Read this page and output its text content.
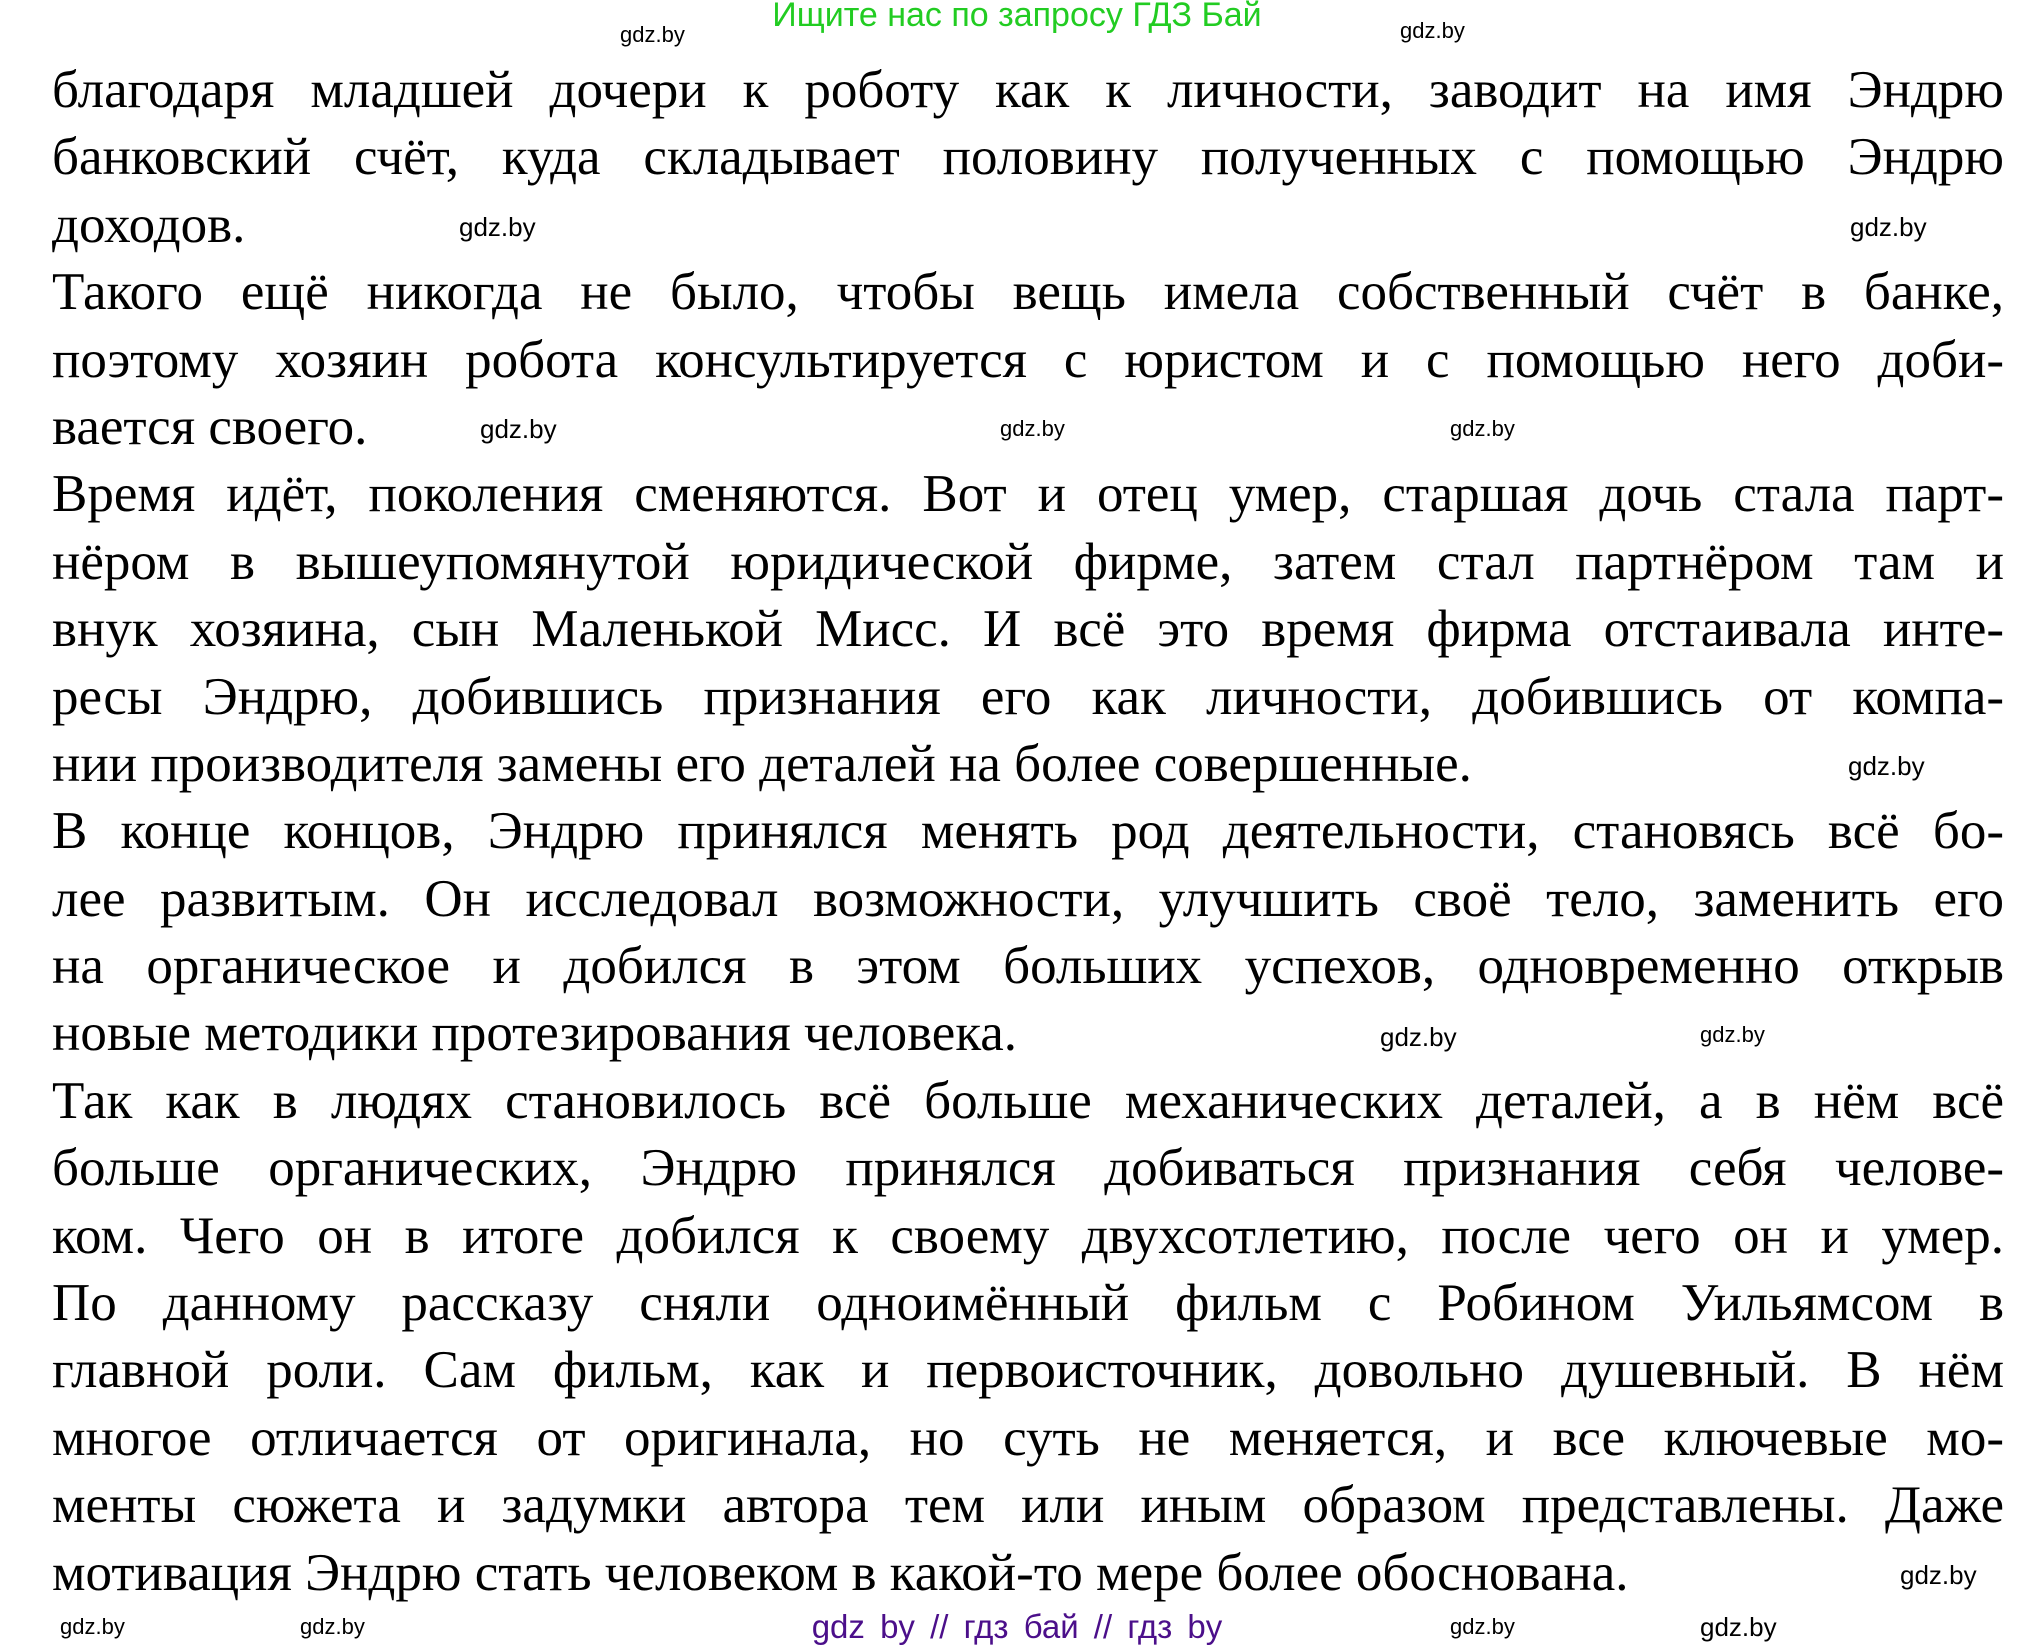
Ищите нас по запросу ГДЗ Бай
благодаря младшей дочери к роботу как к личности, заводит на имя Эндрю
банковский счёт, куда складывает половину полученных с помощью Эндрю
доходов.
Такого ещё никогда не было, чтобы вещь имела собственный счёт в банке,
поэтому хозяин робота консультируется с юристом и с помощью него доби-
вается своего.
Время идёт, поколения сменяются. Вот и отец умер, старшая дочь стала парт-
нёром в вышеупомянутой юридической фирме, затем стал партнёром там и
внук хозяина, сын Маленькой Мисс. И всё это время фирма отстаивала инте-
ресы Эндрю, добившись признания его как личности, добившись от компа-
нии производителя замены его деталей на более совершенные.
В конце концов, Эндрю принялся менять род деятельности, становясь всё бо-
лее развитым. Он исследовал возможности, улучшить своё тело, заменить его
на органическое и добился в этом больших успехов, одновременно открыв
новые методики протезирования человека.
Так как в людях становилось всё больше механических деталей, а в нём всё
больше органических, Эндрю принялся добиваться признания себя челове-
ком. Чего он в итоге добился к своему двухсотлетию, после чего он и умер.
По данному рассказу сняли одноимённый фильм с Робином Уильямсом в
главной роли. Сам фильм, как и первоисточник, довольно душевный. В нём
многое отличается от оригинала, но суть не меняется, и все ключевые мо-
менты сюжета и задумки автора тем или иным образом представлены. Даже
мотивация Эндрю стать человеком в какой-то мере более обоснована.
gdz.by	gdz.by
gdz.by	gdz.by
gdz.by	gdz.by
gdz.by
gdz.by
gdz.by
gdz.by
gdz.by	gdz.by
gdz.by	gdz.by
gdz.by
gdz by // гдз бай // гдз by
